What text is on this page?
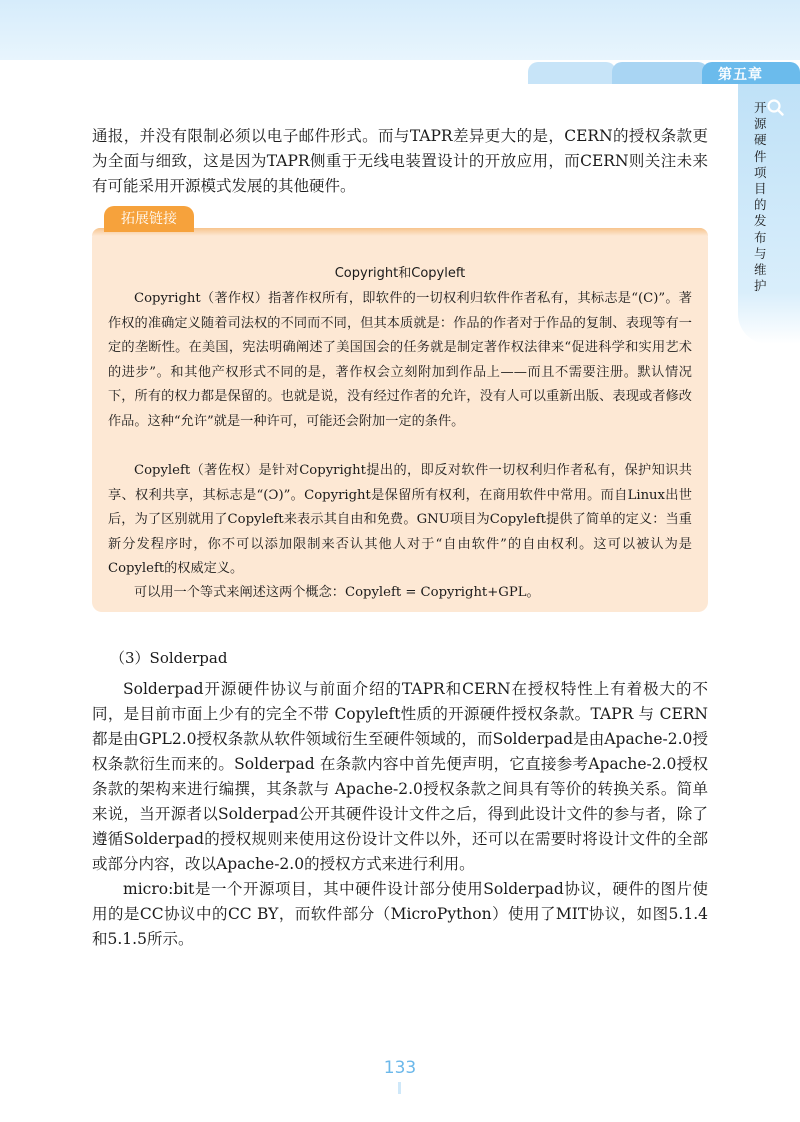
第五章
开源硬件项目的发布与维护

通报，并没有限制必须以电子邮件形式。而与TAPR差异更大的是，CERN的授权条款更为全面与细致，这是因为TAPR侧重于无线电装置设计的开放应用，而CERN则关注未来有可能采用开源模式发展的其他硬件。

拓展链接
Copyright和Copyleft

Copyright（著作权）指著作权所有，即软件的一切权利归软件作者私有，其标志是“(C)”。著作权的准确定义随着司法权的不同而不同，但其本质就是：作品的作者对于作品的复制、表现等有一定的垄断性。在美国，宪法明确阐述了美国国会的任务就是制定著作权法律来“促进科学和实用艺术的进步”。和其他产权形式不同的是，著作权会立刻附加到作品上——而且不需要注册。默认情况下，所有的权力都是保留的。也就是说，没有经过作者的允许，没有人可以重新出版、表现或者修改作品。这种“允许”就是一种许可，可能还会附加一定的条件。

Copyleft（著佐权）是针对Copyright提出的，即反对软件一切权利归作者私有，保护知识共享、权利共享，其标志是“(Ɔ)”。Copyright是保留所有权利，在商用软件中常用。而自Linux出世后，为了区别就用了Copyleft来表示其自由和免费。GNU项目为Copyleft提供了简单的定义：当重新分发程序时，你不可以添加限制来否认其他人对于“自由软件”的自由权利。这可以被认为是Copyleft的权威定义。

可以用一个等式来阐述这两个概念：Copyleft = Copyright+GPL。

（3）Solderpad

Solderpad开源硬件协议与前面介绍的TAPR和CERN在授权特性上有着极大的不同，是目前市面上少有的完全不带 Copyleft性质的开源硬件授权条款。TAPR 与 CERN 都是由GPL2.0授权条款从软件领域衍生至硬件领域的，而Solderpad是由Apache-2.0授权条款衍生而来的。Solderpad 在条款内容中首先便声明，它直接参考Apache-2.0授权条款的架构来进行编撰，其条款与 Apache-2.0授权条款之间具有等价的转换关系。简单来说，当开源者以Solderpad公开其硬件设计文件之后，得到此设计文件的参与者，除了遵循Solderpad的授权规则来使用这份设计文件以外，还可以在需要时将设计文件的全部或部分内容，改以Apache-2.0的授权方式来进行利用。

micro:bit是一个开源项目，其中硬件设计部分使用Solderpad协议，硬件的图片使用的是CC协议中的CC BY，而软件部分（MicroPython）使用了MIT协议，如图5.1.4和5.1.5所示。

133
